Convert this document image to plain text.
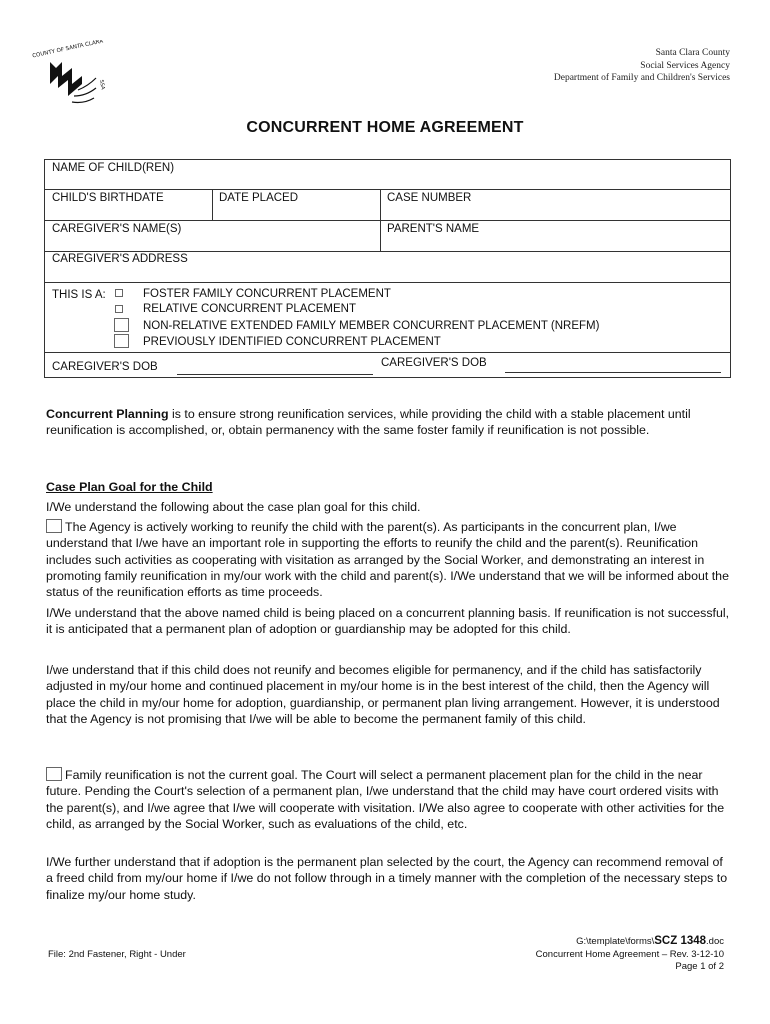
COUNTY OF SANTA CLARA
SSA
Santa Clara County
Social Services Agency
Department of Family and Children's Services
CONCURRENT HOME AGREEMENT
NAME OF CHILD(REN)
CHILD'S BIRTHDATE	DATE PLACED	CASE NUMBER
CAREGIVER'S NAME(S)	PARENT'S NAME
CAREGIVER'S ADDRESS
THIS IS A:	FOSTER FAMILY CONCURRENT PLACEMENT
RELATIVE CONCURRENT PLACEMENT
NON-RELATIVE EXTENDED FAMILY MEMBER CONCURRENT PLACEMENT (NREFM)
PREVIOUSLY IDENTIFIED CONCURRENT PLACEMENT
CAREGIVER'S DOB	CAREGIVER'S DOB

Concurrent Planning is to ensure strong reunification services, while providing the child with a stable placement until reunification is accomplished, or, obtain permanency with the same foster family if reunification is not possible.

Case Plan Goal for the Child
I/We understand the following about the case plan goal for this child.

The Agency is actively working to reunify the child with the parent(s). As participants in the concurrent plan, I/we understand that I/we have an important role in supporting the efforts to reunify the child and the parent(s). Reunification includes such activities as cooperating with visitation as arranged by the Social Worker, and demonstrating an interest in promoting family reunification in my/our work with the child and parent(s). I/We understand that we will be informed about the status of the reunification efforts as time proceeds.

I/We understand that the above named child is being placed on a concurrent planning basis. If reunification is not successful, it is anticipated that a permanent plan of adoption or guardianship may be adopted for this child.
I/we understand that if this child does not reunify and becomes eligible for permanency, and if the child has satisfactorily adjusted in my/our home and continued placement in my/our home is in the best interest of the child, then the Agency will place the child in my/our home for adoption, guardianship, or permanent plan living arrangement. However, it is understood that the Agency is not promising that I/we will be able to become the permanent family of this child.

Family reunification is not the current goal. The Court will select a permanent placement plan for the child in the near future. Pending the Court's selection of a permanent plan, I/we understand that the child may have court ordered visits with the parent(s), and I/we agree that I/we will cooperate with visitation. I/We also agree to cooperate with other activities for the child, as arranged by the Social Worker, such as evaluations of the child, etc.

I/We further understand that if adoption is the permanent plan selected by the court, the Agency can recommend removal of a freed child from my/our home if I/we do not follow through in a timely manner with the completion of the necessary steps to finalize my/our home study.
File: 2nd Fastener, Right - Under
G:\template\forms\SCZ 1348.doc
Concurrent Home Agreement – Rev. 3-12-10
Page 1 of 2
